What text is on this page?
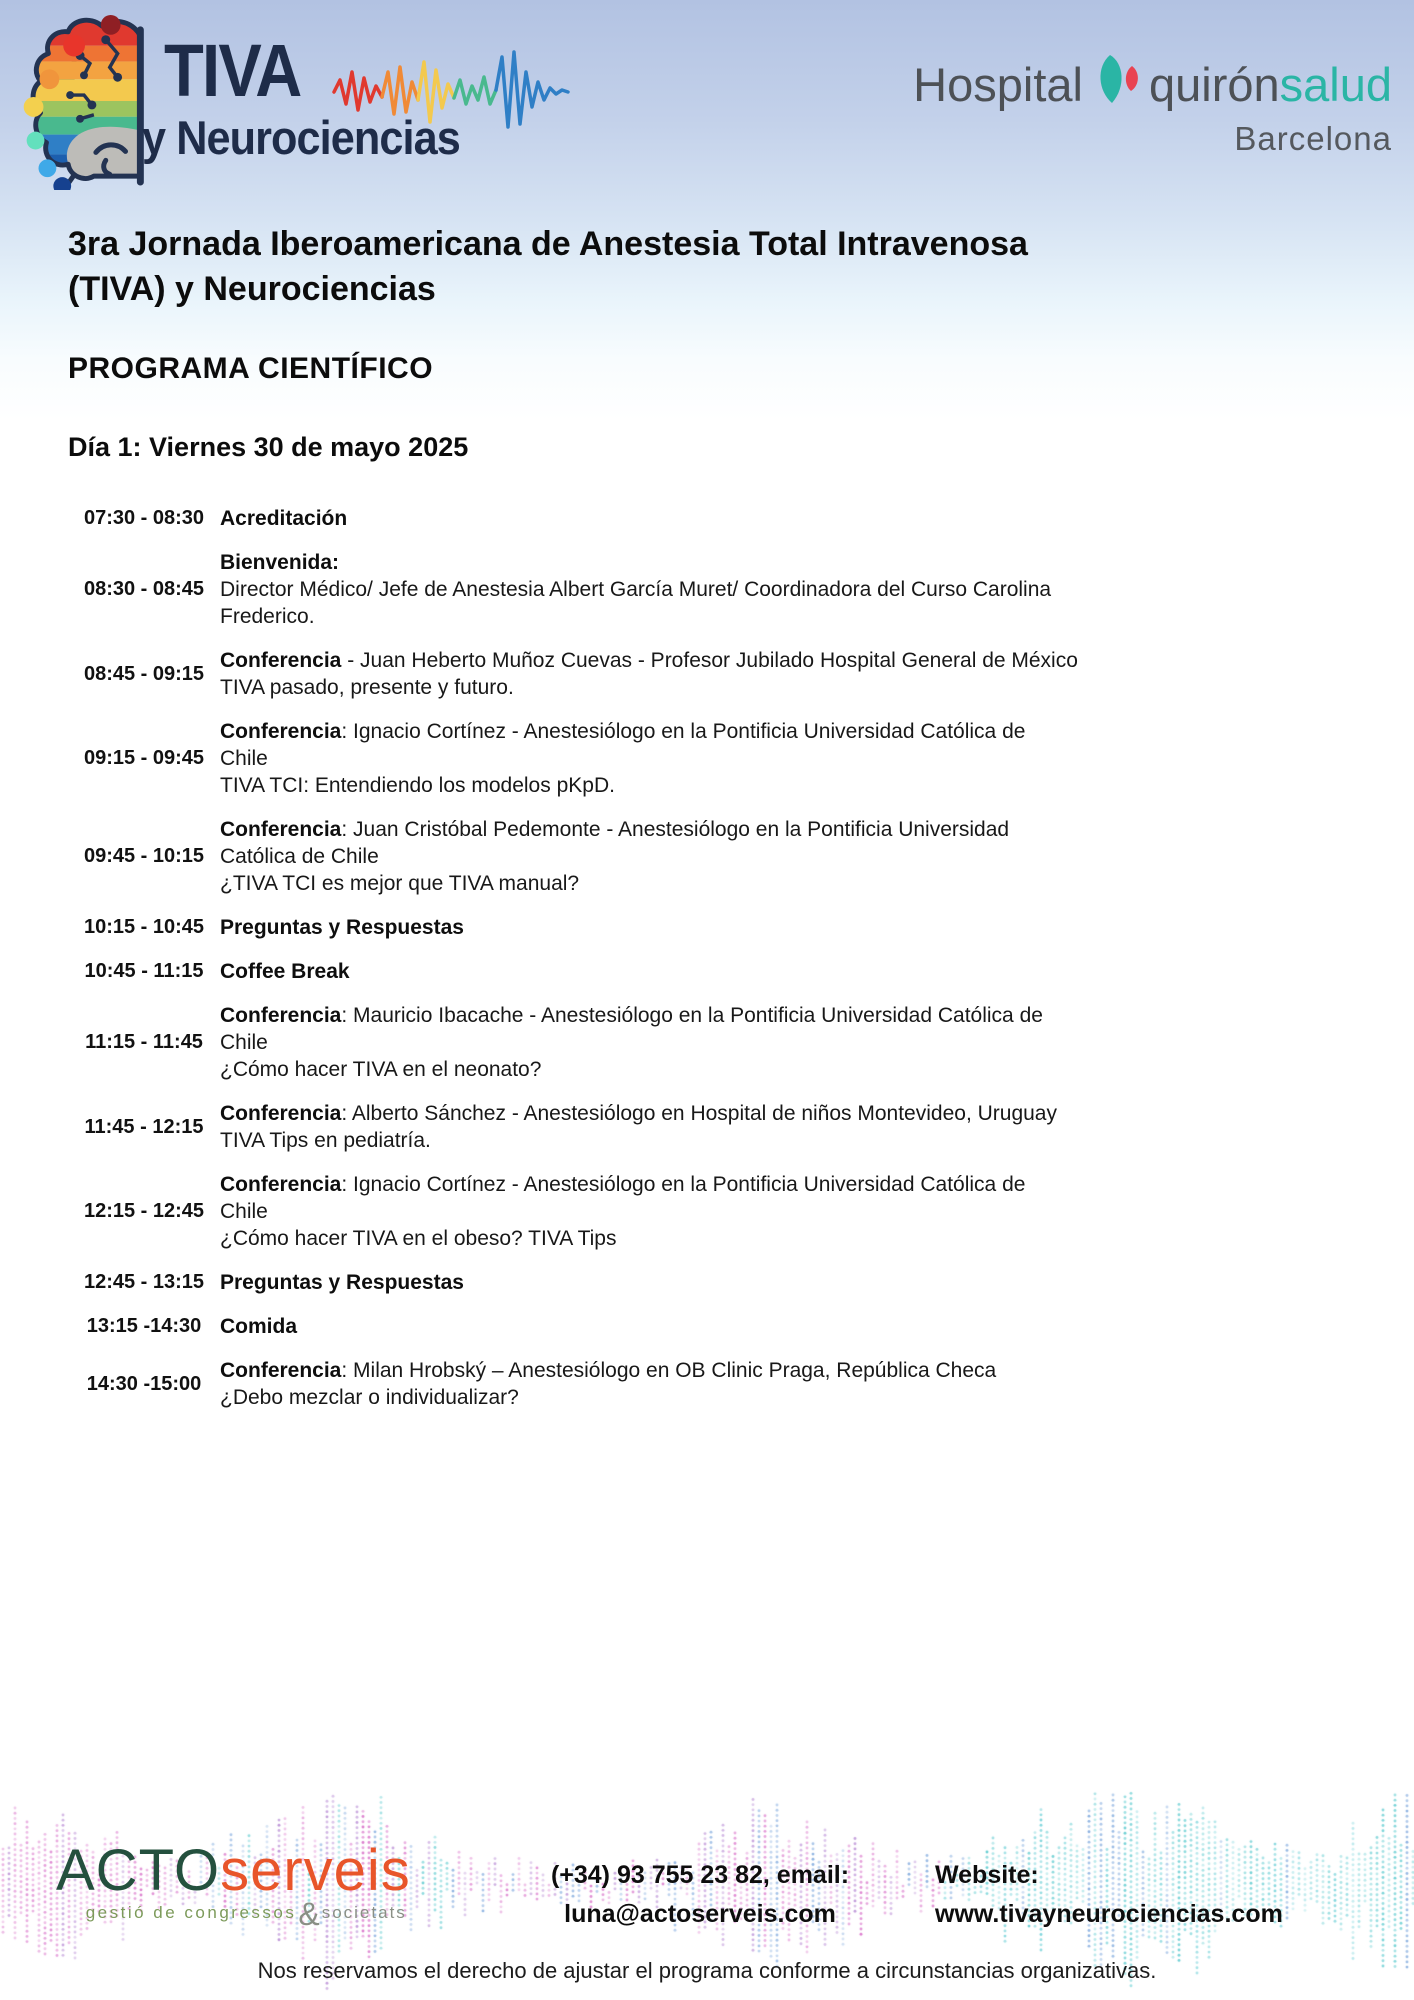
TIVA
y Neurociencias
Hospital quirónsalud
Barcelona
3ra Jornada Iberoamericana de Anestesia Total Intravenosa
(TIVA) y Neurociencias
PROGRAMA CIENTÍFICO
Día 1: Viernes 30 de mayo 2025
07:30 - 08:30 Acreditación
08:30 - 08:45
Bienvenida:
Director Médico/ Jefe de Anestesia Albert García Muret/ Coordinadora del Curso Carolina
Frederico.
08:45 - 09:15
Conferencia - Juan Heberto Muñoz Cuevas - Profesor Jubilado Hospital General de México
TIVA pasado, presente y futuro.
09:15 - 09:45
Conferencia: Ignacio Cortínez - Anestesiólogo en la Pontificia Universidad Católica de
Chile
TIVA TCI: Entendiendo los modelos pKpD.
09:45 - 10:15
Conferencia: Juan Cristóbal Pedemonte - Anestesiólogo en la Pontificia Universidad
Católica de Chile
¿TIVA TCI es mejor que TIVA manual?
10:15 - 10:45 Preguntas y Respuestas
10:45 - 11:15 Coffee Break
11:15 - 11:45
Conferencia: Mauricio Ibacache - Anestesiólogo en la Pontificia Universidad Católica de
Chile
¿Cómo hacer TIVA en el neonato?
11:45 - 12:15
Conferencia: Alberto Sánchez - Anestesiólogo en Hospital de niños Montevideo, Uruguay
TIVA Tips en pediatría.
12:15 - 12:45
Conferencia: Ignacio Cortínez - Anestesiólogo en la Pontificia Universidad Católica de
Chile
¿Cómo hacer TIVA en el obeso? TIVA Tips
12:45 - 13:15 Preguntas y Respuestas
13:15 -14:30 Comida
14:30 -15:00
Conferencia: Milan Hrobský – Anestesiólogo en OB Clinic Praga, República Checa
¿Debo mezclar o individualizar?
ACTOserveis
gestió de congressos& societats
(+34) 93 755 23 82, email:
luna@actoserveis.com
Website:
www.tivayneurociencias.com
Nos reservamos el derecho de ajustar el programa conforme a circunstancias organizativas.
